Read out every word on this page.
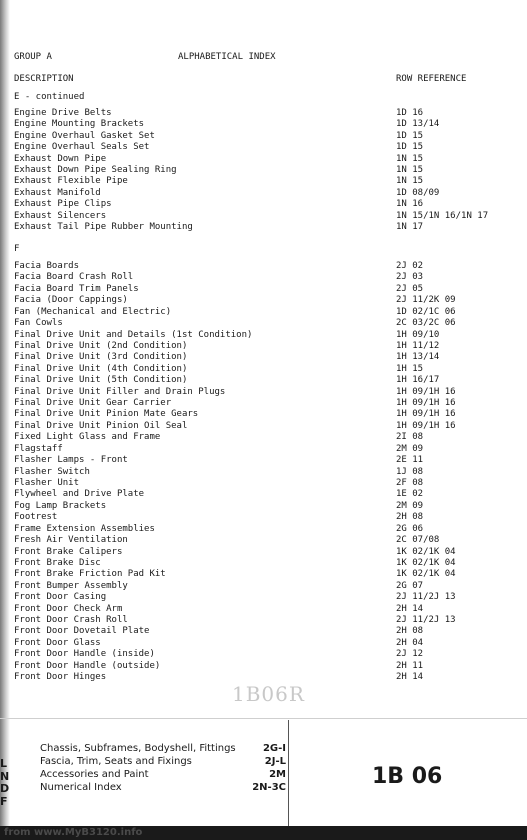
GROUP A	ALPHABETICAL INDEX
DESCRIPTION	ROW REFERENCE
E - continued
Engine Drive Belts	1D 16
Engine Mounting Brackets	1D 13/14
Engine Overhaul Gasket Set	1D 15
Engine Overhaul Seals Set	1D 15
Exhaust Down Pipe	1N 15
Exhaust Down Pipe Sealing Ring	1N 15
Exhaust Flexible Pipe	1N 15
Exhaust Manifold	1D 08/09
Exhaust Pipe Clips	1N 16
Exhaust Silencers	1N 15/1N 16/1N 17
Exhaust Tail Pipe Rubber Mounting	1N 17
F
Facia Boards	2J 02
Facia Board Crash Roll	2J 03
Facia Board Trim Panels	2J 05
Facia (Door Cappings)	2J 11/2K 09
Fan (Mechanical and Electric)	1D 02/1C 06
Fan Cowls	2C 03/2C 06
Final Drive Unit and Details (1st Condition)	1H 09/10
Final Drive Unit (2nd Condition)	1H 11/12
Final Drive Unit (3rd Condition)	1H 13/14
Final Drive Unit (4th Condition)	1H 15
Final Drive Unit (5th Condition)	1H 16/17
Final Drive Unit Filler and Drain Plugs	1H 09/1H 16
Final Drive Unit Gear Carrier	1H 09/1H 16
Final Drive Unit Pinion Mate Gears	1H 09/1H 16
Final Drive Unit Pinion Oil Seal	1H 09/1H 16
Fixed Light Glass and Frame	2I 08
Flagstaff	2M 09
Flasher Lamps - Front	2E 11
Flasher Switch	1J 08
Flasher Unit	2F 08
Flywheel and Drive Plate	1E 02
Fog Lamp Brackets	2M 09
Footrest	2H 08
Frame Extension Assemblies	2G 06
Fresh Air Ventilation	2C 07/08
Front Brake Calipers	1K 02/1K 04
Front Brake Disc	1K 02/1K 04
Front Brake Friction Pad Kit	1K 02/1K 04
Front Bumper Assembly	2G 07
Front Door Casing	2J 11/2J 13
Front Door Check Arm	2H 14
Front Door Crash Roll	2J 11/2J 13
Front Door Dovetail Plate	2H 08
Front Door Glass	2H 04
Front Door Handle (inside)	2J 12
Front Door Handle (outside)	2H 11
Front Door Hinges	2H 14
1B06R
L
N
D
F
Chassis, Subframes, Bodyshell, Fittings	2G-I
Fascia, Trim, Seats and Fixings	2J-L
Accessories and Paint	2M
Numerical Index	2N-3C	1B 06
from www.MyB3120.info
